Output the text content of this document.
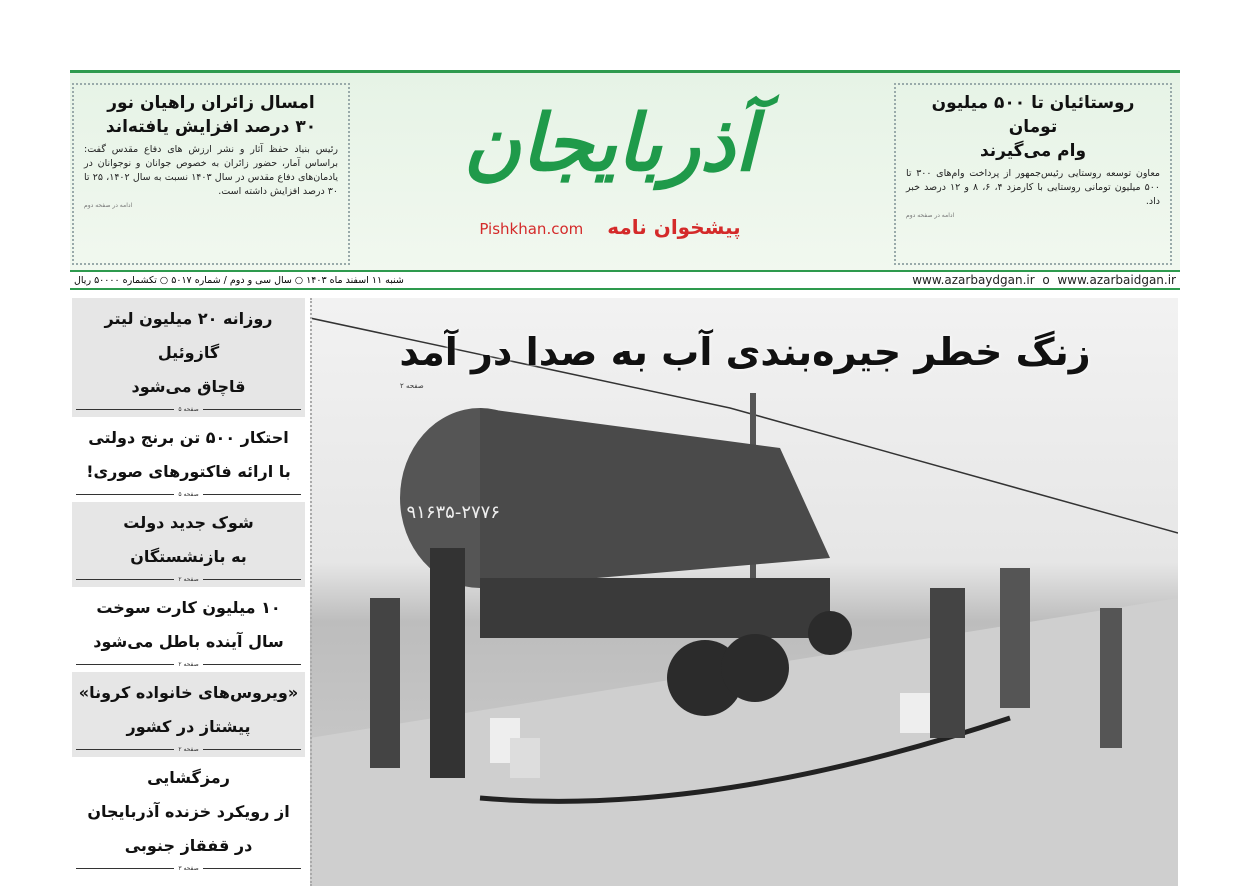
روستائیان تا ۵۰۰ میلیون تومان
وام می‌گیرند

معاون توسعه روستایی رئیس‌جمهور از پرداخت وام‌های ۳۰۰ تا ۵۰۰ میلیون تومانی روستایی با کارمزد ۴، ۶، ۸ و ۱۲ درصد خبر داد.

ادامه در صفحه دوم
آذربایجان
پیشخوان نامه
Pishkhan.com
امسال زائران راهیان نور
۳۰ درصد افزایش یافته‌اند

رئیس بنیاد حفظ آثار و نشر ارزش های دفاع مقدس گفت: براساس آمار، حضور زائران به خصوص جوانان و نوجوانان در یادمان‌های دفاع مقدس در سال ۱۴۰۳ نسبت به سال ۱۴۰۲، ۲۵ تا ۳۰ درصد افزایش داشته است.

ادامه در صفحه دوم
www.azarbaydgan.ir o www.azarbaidgan.ir
شنبه ۱۱ اسفند ماه ۱۴۰۳ ○ سال سی و دوم / شماره ۵۰۱۷ ○ تکشماره ۵۰۰۰۰ ریال
روزانه ۲۰ میلیون لیتر گازوئیل
قاچاق می‌شود
صفحه ۵
احتکار ۵۰۰ تن برنج دولتی
با ارائه فاکتورهای صوری!
صفحه ۵
شوک جدید دولت
به بازنشستگان
صفحه ۲
۱۰ میلیون کارت سوخت
سال آینده باطل می‌شود
صفحه ۲
«ویروس‌های خانواده کرونا»
پیشتاز در کشور
صفحه ۲
رمزگشایی
از رویکرد خزنده آذربایجان
در قفقاز جنوبی
صفحه ۳
۹۱۶۳۵-۲۷۷۶
زنگ خطر جیره‌بندی آب به صدا در آمد
صفحه ۲
